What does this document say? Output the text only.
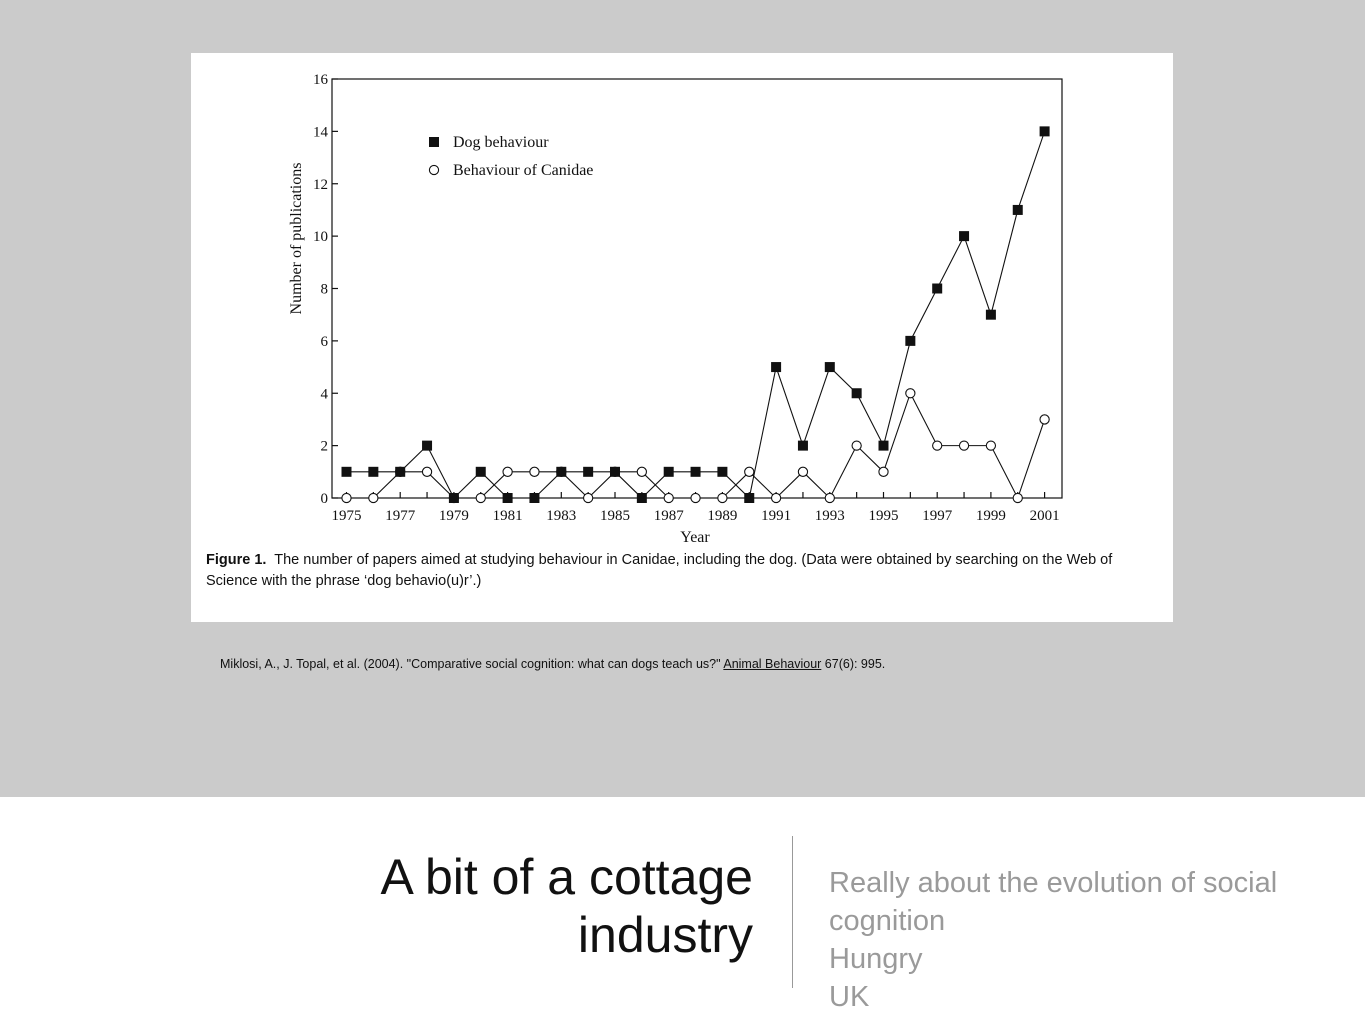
0
2
4
6
8
10
12
14
16
1975 1977 1979 1981 1983 1985 1987 1989 1991 1993 1995 1997 1999 2001
Year
Number of publications
Dog behaviour
Behaviour of Canidae
Figure 1. The number of papers aimed at studying behaviour in Canidae, including the dog. (Data were obtained by searching on the Web of Science with the phrase ‘dog behavio(u)r’.)
Miklosi, A., J. Topal, et al. (2004). "Comparative social cognition: what can dogs teach us?" Animal Behaviour 67(6): 995.
A bit of a cottage
industry
Really about the evolution of social cognition
Hungry
UK
